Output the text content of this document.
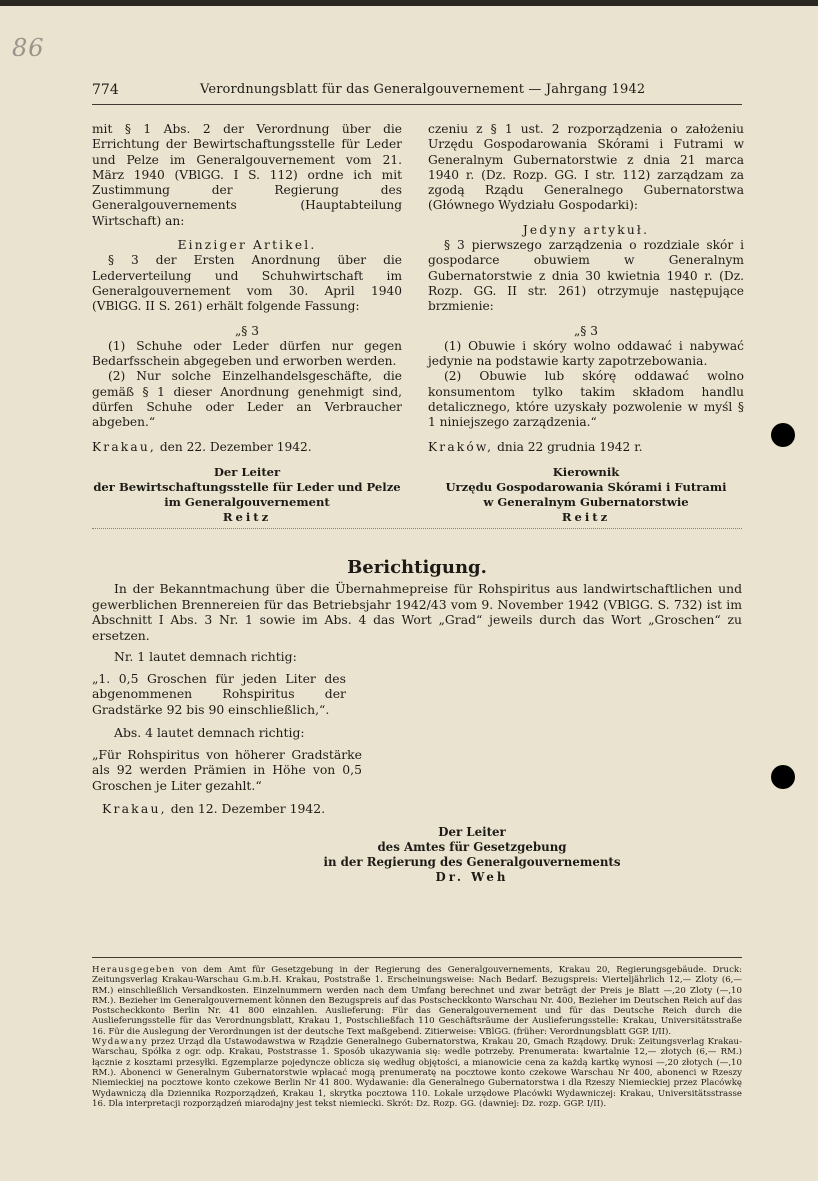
86
774	Verordnungsblatt für das Generalgouvernement — Jahrgang 1942

mit § 1 Abs. 2 der Verordnung über die Errichtung der Bewirtschaftungsstelle für Leder und Pelze im Generalgouvernement vom 21. März 1940 (VBlGG. I S. 112) ordne ich mit Zustimmung der Regierung des Generalgouvernements (Hauptabteilung Wirtschaft) an:

Einziger Artikel.

§ 3 der Ersten Anordnung über die Lederverteilung und Schuhwirtschaft im Generalgouvernement vom 30. April 1940 (VBlGG. II S. 261) erhält folgende Fassung:

„§ 3

(1) Schuhe oder Leder dürfen nur gegen Bedarfsschein abgegeben und erworben werden.

(2) Nur solche Einzelhandelsgeschäfte, die gemäß § 1 dieser Anordnung genehmigt sind, dürfen Schuhe oder Leder an Verbraucher abgeben.“

Krakau, den 22. Dezember 1942.

Der Leiter
der Bewirtschaftungsstelle für Leder und Pelze
im Generalgouvernement
Reitz

czeniu z § 1 ust. 2 rozporządzenia o założeniu Urzędu Gospodarowania Skórami i Futrami w Generalnym Gubernatorstwie z dnia 21 marca 1940 r. (Dz. Rozp. GG. I str. 112) zarządzam za zgodą Rządu Generalnego Gubernatorstwa (Głównego Wydziału Gospodarki):

Jedyny artykuł.

§ 3 pierwszego zarządzenia o rozdziale skór i gospodarce obuwiem w Generalnym Gubernatorstwie z dnia 30 kwietnia 1940 r. (Dz. Rozp. GG. II str. 261) otrzymuje następujące brzmienie:

„§ 3

(1) Obuwie i skóry wolno oddawać i nabywać jedynie na podstawie karty zapotrzebowania.

(2) Obuwie lub skórę oddawać wolno konsumentom tylko takim składom handlu detalicznego, które uzyskały pozwolenie w myśl § 1 niniejszego zarządzenia.“

Kraków, dnia 22 grudnia 1942 r.

Kierownik
Urzędu Gospodarowania Skórami i Futrami
w Generalnym Gubernatorstwie
Reitz
Berichtigung.

In der Bekanntmachung über die Übernahmepreise für Rohspiritus aus landwirtschaftlichen und gewerblichen Brennereien für das Betriebsjahr 1942/43 vom 9. November 1942 (VBlGG. S. 732) ist im Abschnitt I Abs. 3 Nr. 1 sowie im Abs. 4 das Wort „Grad“ jeweils durch das Wort „Groschen“ zu ersetzen.

Nr. 1 lautet demnach richtig:

„1. 0,5 Groschen für jeden Liter des abgenommenen Rohspiritus der Gradstärke 92 bis 90 einschließlich,“.

Abs. 4 lautet demnach richtig:

„Für Rohspiritus von höherer Gradstärke als 92 werden Prämien in Höhe von 0,5 Groschen je Liter gezahlt.“

Krakau, den 12. Dezember 1942.

Der Leiter
des Amtes für Gesetzgebung
in der Regierung des Generalgouvernements
Dr. Weh

Herausgegeben von dem Amt für Gesetzgebung in der Regierung des Generalgouvernements, Krakau 20, Regierungsgebäude. Druck: Zeitungsverlag Krakau-Warschau G.m.b.H. Krakau, Poststraße 1. Erscheinungsweise: Nach Bedarf. Bezugspreis: Vierteljährlich 12,— Zloty (6,— RM.) einschließlich Versandkosten. Einzelnummern werden nach dem Umfang berechnet und zwar beträgt der Preis je Blatt —,20 Zloty (—,10 RM.). Bezieher im Generalgouvernement können den Bezugspreis auf das Postscheckkonto Warschau Nr. 400, Bezieher im Deutschen Reich auf das Postscheckkonto Berlin Nr. 41 800 einzahlen. Auslieferung: Für das Generalgouvernement und für das Deutsche Reich durch die Auslieferungsstelle für das Verordnungsblatt, Krakau 1, Postschließfach 110 Geschäftsräume der Auslieferungsstelle: Krakau, Universitätsstraße 16. Für die Auslegung der Verordnungen ist der deutsche Text maßgebend. Zitierweise: VBlGG. (früher: Verordnungsblatt GGP. I/II).

Wydawany przez Urząd dla Ustawodawstwa w Rządzie Generalnego Gubernatorstwa, Krakau 20, Gmach Rządowy. Druk: Zeitungsverlag Krakau-Warschau, Spółka z ogr. odp. Krakau, Poststrasse 1. Sposób ukazywania się: wedle potrzeby. Prenumerata: kwartalnie 12,— złotych (6,— RM.) łącznie z kosztami przesyłki. Egzemplarze pojedyncze oblicza się według objętości, a mianowicie cena za każdą kartkę wynosi —,20 złotych (—,10 RM.). Abonenci w Generalnym Gubernatorstwie wpłacać mogą prenumeratę na pocztowe konto czekowe Warschau Nr 400, abonenci w Rzeszy Niemieckiej na pocztowe konto czekowe Berlin Nr 41 800. Wydawanie: dla Generalnego Gubernatorstwa i dla Rzeszy Niemieckiej przez Placówkę Wydawniczą dla Dziennika Rozporządzeń, Krakau 1, skrytka pocztowa 110. Lokale urzędowe Placówki Wydawniczej: Krakau, Universitätsstrasse 16. Dla interpretacji rozporządzeń miarodajny jest tekst niemiecki. Skrót: Dz. Rozp. GG. (dawniej: Dz. rozp. GGP. I/II).
